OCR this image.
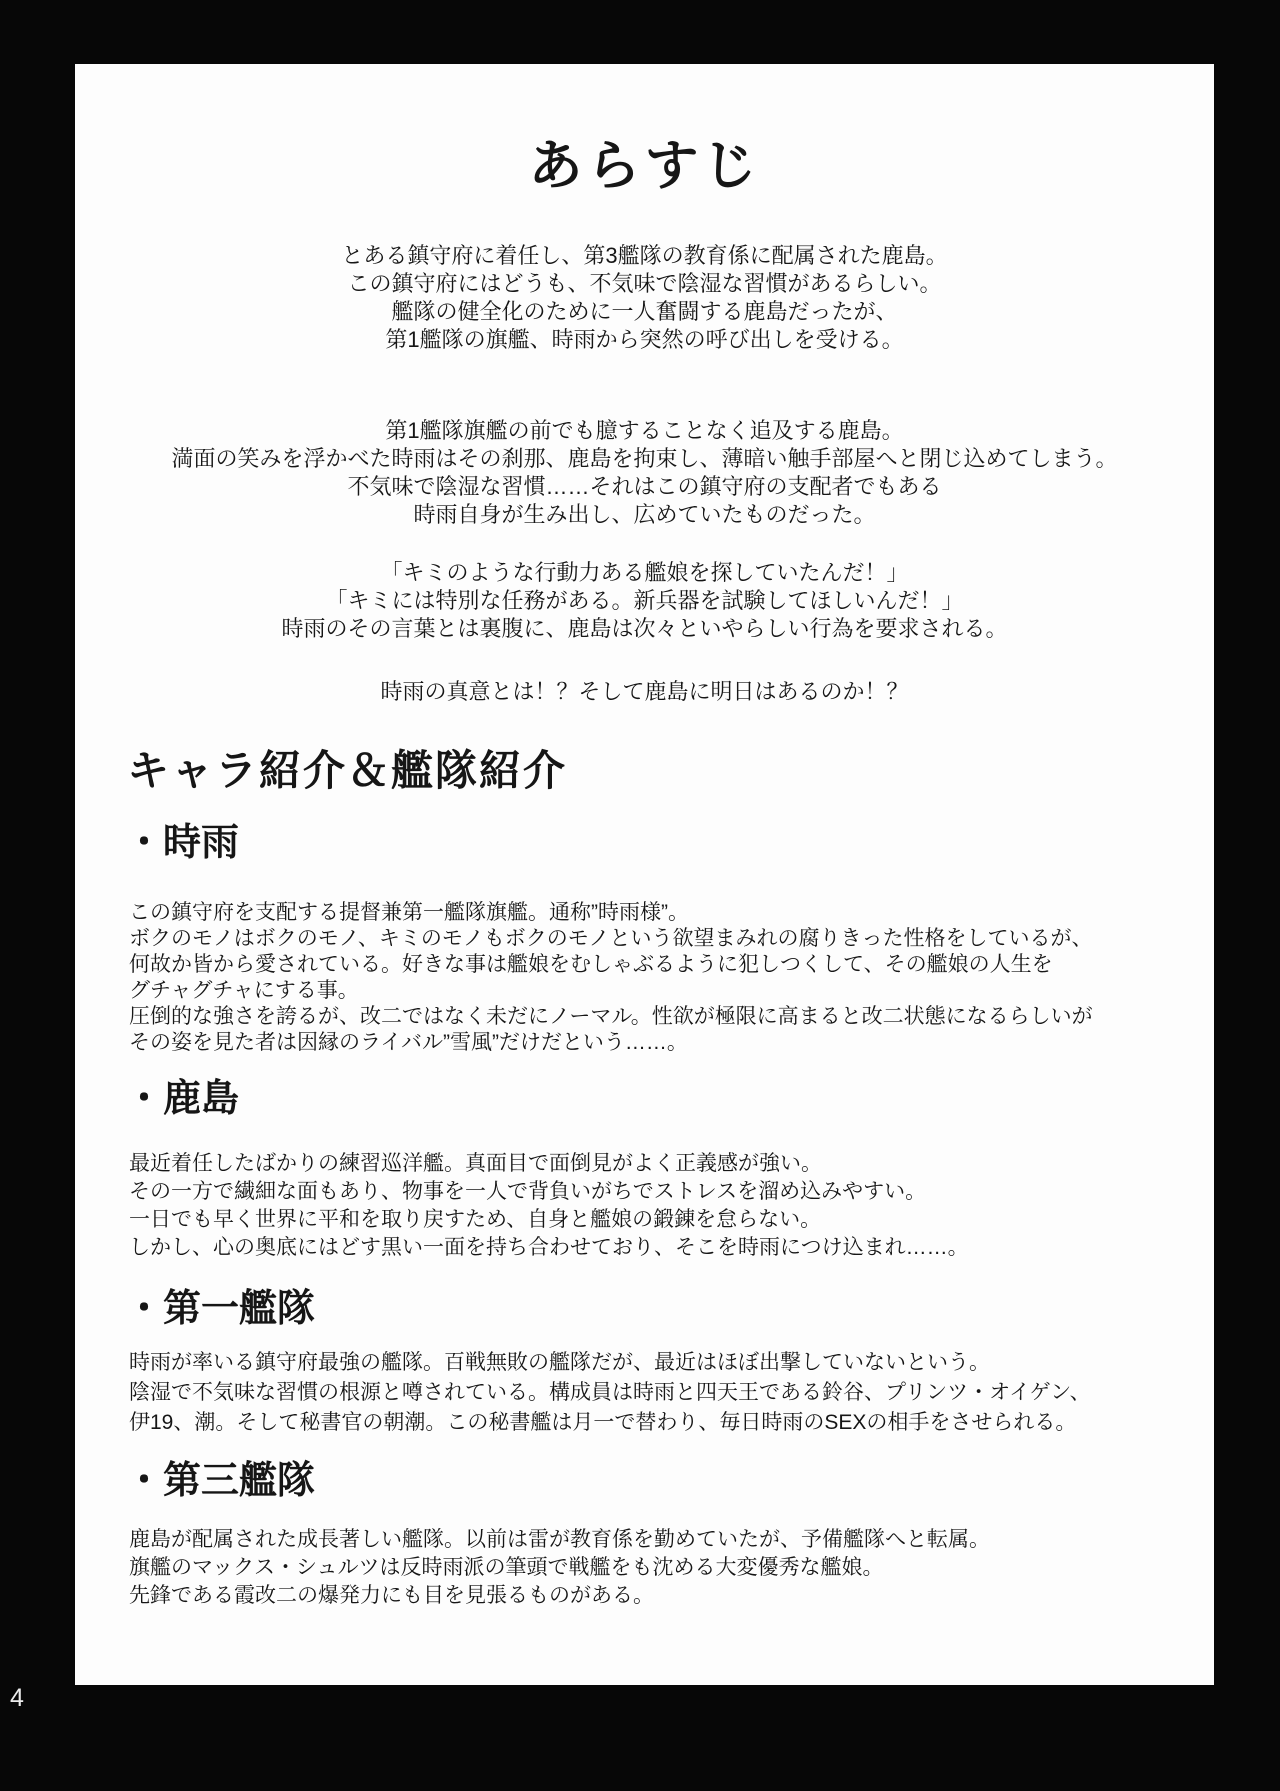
あらすじ
とある鎮守府に着任し、第3艦隊の教育係に配属された鹿島。
この鎮守府にはどうも、不気味で陰湿な習慣があるらしい。
艦隊の健全化のために一人奮闘する鹿島だったが、
第1艦隊の旗艦、時雨から突然の呼び出しを受ける。
第1艦隊旗艦の前でも臆することなく追及する鹿島。
満面の笑みを浮かべた時雨はその刹那、鹿島を拘束し、薄暗い触手部屋へと閉じ込めてしまう。
不気味で陰湿な習慣……それはこの鎮守府の支配者でもある
時雨自身が生み出し、広めていたものだった。
「キミのような行動力ある艦娘を探していたんだ！」
「キミには特別な任務がある。新兵器を試験してほしいんだ！」
時雨のその言葉とは裏腹に、鹿島は次々といやらしい行為を要求される。
時雨の真意とは！？そして鹿島に明日はあるのか！？
キャラ紹介＆艦隊紹介
・時雨
この鎮守府を支配する提督兼第一艦隊旗艦。通称”時雨様”。
ボクのモノはボクのモノ、キミのモノもボクのモノという欲望まみれの腐りきった性格をしているが、
何故か皆から愛されている。好きな事は艦娘をむしゃぶるように犯しつくして、その艦娘の人生を
グチャグチャにする事。
圧倒的な強さを誇るが、改二ではなく未だにノーマル。性欲が極限に高まると改二状態になるらしいが
その姿を見た者は因縁のライバル”雪風”だけだという……。
・鹿島
最近着任したばかりの練習巡洋艦。真面目で面倒見がよく正義感が強い。
その一方で繊細な面もあり、物事を一人で背負いがちでストレスを溜め込みやすい。
一日でも早く世界に平和を取り戻すため、自身と艦娘の鍛錬を怠らない。
しかし、心の奥底にはどす黒い一面を持ち合わせており、そこを時雨につけ込まれ……。
・第一艦隊
時雨が率いる鎮守府最強の艦隊。百戦無敗の艦隊だが、最近はほぼ出撃していないという。
陰湿で不気味な習慣の根源と噂されている。構成員は時雨と四天王である鈴谷、プリンツ・オイゲン、
伊19、潮。そして秘書官の朝潮。この秘書艦は月一で替わり、毎日時雨のSEXの相手をさせられる。
・第三艦隊
鹿島が配属された成長著しい艦隊。以前は雷が教育係を勤めていたが、予備艦隊へと転属。
旗艦のマックス・シュルツは反時雨派の筆頭で戦艦をも沈める大変優秀な艦娘。
先鋒である霞改二の爆発力にも目を見張るものがある。
4
